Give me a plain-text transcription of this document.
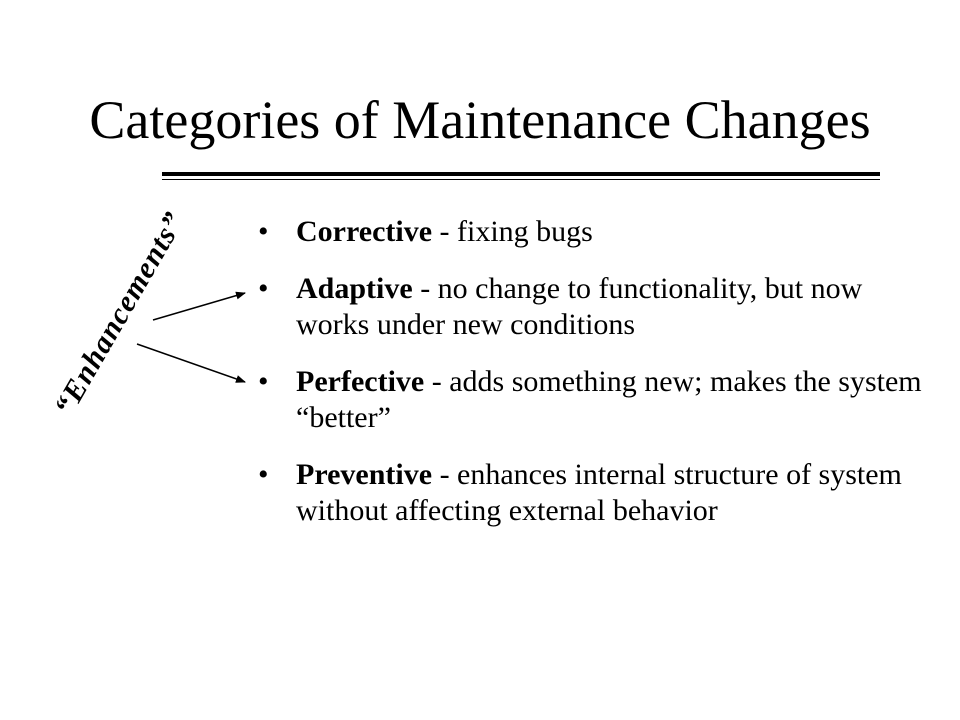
Categories of Maintenance Changes
“Enhancements” • Corrective - fixing bugs
• Adaptive - no change to functionality, but now works under new conditions
• Perfective - adds something new; makes the system “better”
• Preventive - enhances internal structure of system without affecting external behavior
